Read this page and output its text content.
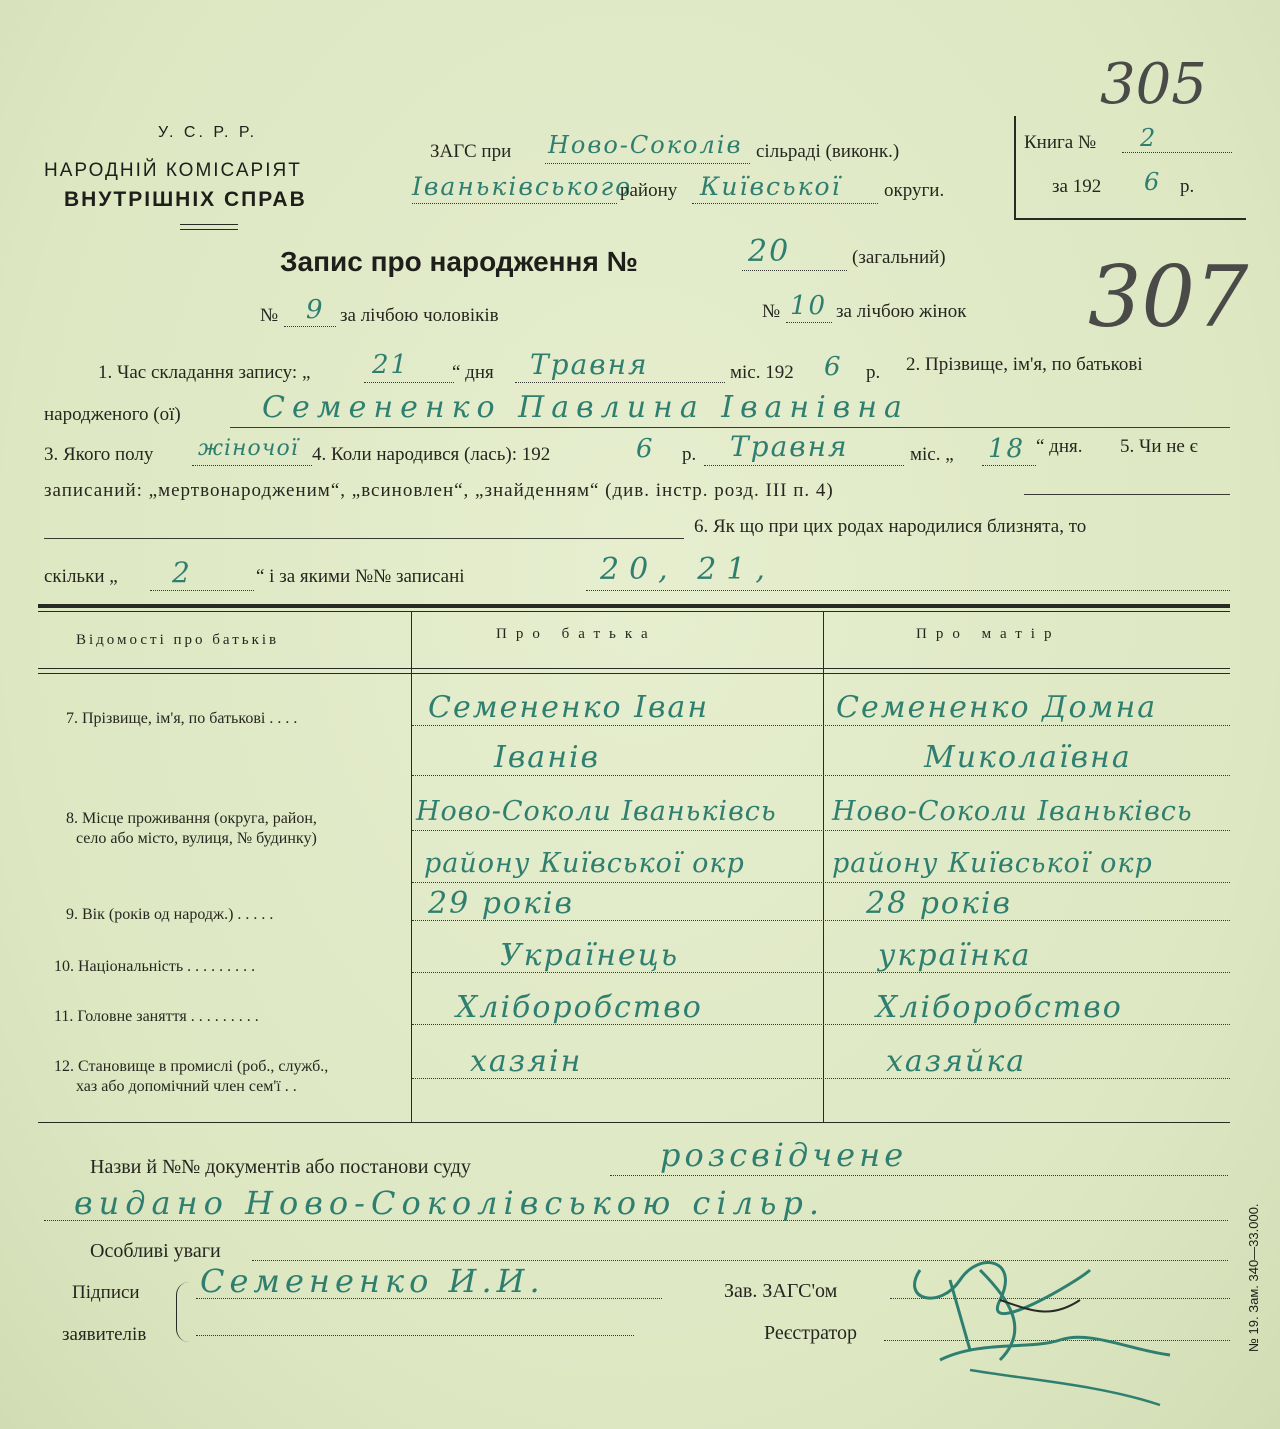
У. С. Р. Р.
НАРОДНІЙ КОМІСАРІЯТ
ВНУТРІШНІХ СПРАВ
ЗАГС при Ново-Соколів сільраді (виконк.)
Іваньківського
району Київської округи.
Книга № 2
за 192 6 р.
305
307
Запис про народження №	20	(загальний)
№ 9 за лічбою чоловіків	№ 10 за лічбою жінок
1. Час складання запису: „ 21 “ дня Травня	міс. 192 6 р. 2. Прізвище, ім'я, по батькові
народженого (ої)	Семененко Павлина Іванівна
3. Якого полу жіночої 4. Коли народився (лась): 192	6 р. Травня	міс. „ 18 “ дня. 5. Чи не є
записаний: „мертвонародженим“, „всиновлен“, „знайденням“ (див. інстр. розд. III п. 4)
6. Як що при цих родах народилися близнята, то
скільки „ 2	“ і за якими №№ записані	20, 21,
Відомості про батьків	Про батька	Про матір
7. Прізвище, ім'я, по батькові . . . .	Семененко Іван	Семененко Домна
Іванів	Миколаївна
8. Місце проживання (округа, район,
село або місто, вулиця, № будинку)
Ново-Соколи Іваньківсь Ново-Соколи Іваньківсь
району Київської окр	району Київської окр
9. Вік (років од народж.) . . . . .	29 років	28 років
10. Національність . . . . . . . . .	Українець	українка
11. Головне заняття . . . . . . . . .	Хліборобство	Хліборобство
12. Становище в промислі (роб., служб.,
хаз або допомічний член сем'ї . .
хазяін	хазяйка
Назви й №№ документів або постанови суду	розсвідчене
видано Ново-Соколівською сільр.
Особливі уваги
Підписи
заявителів
Семененко И.И.	Зав. ЗАГС'ом
Реєстратор	№ 19. Зам. 340—33.000.
